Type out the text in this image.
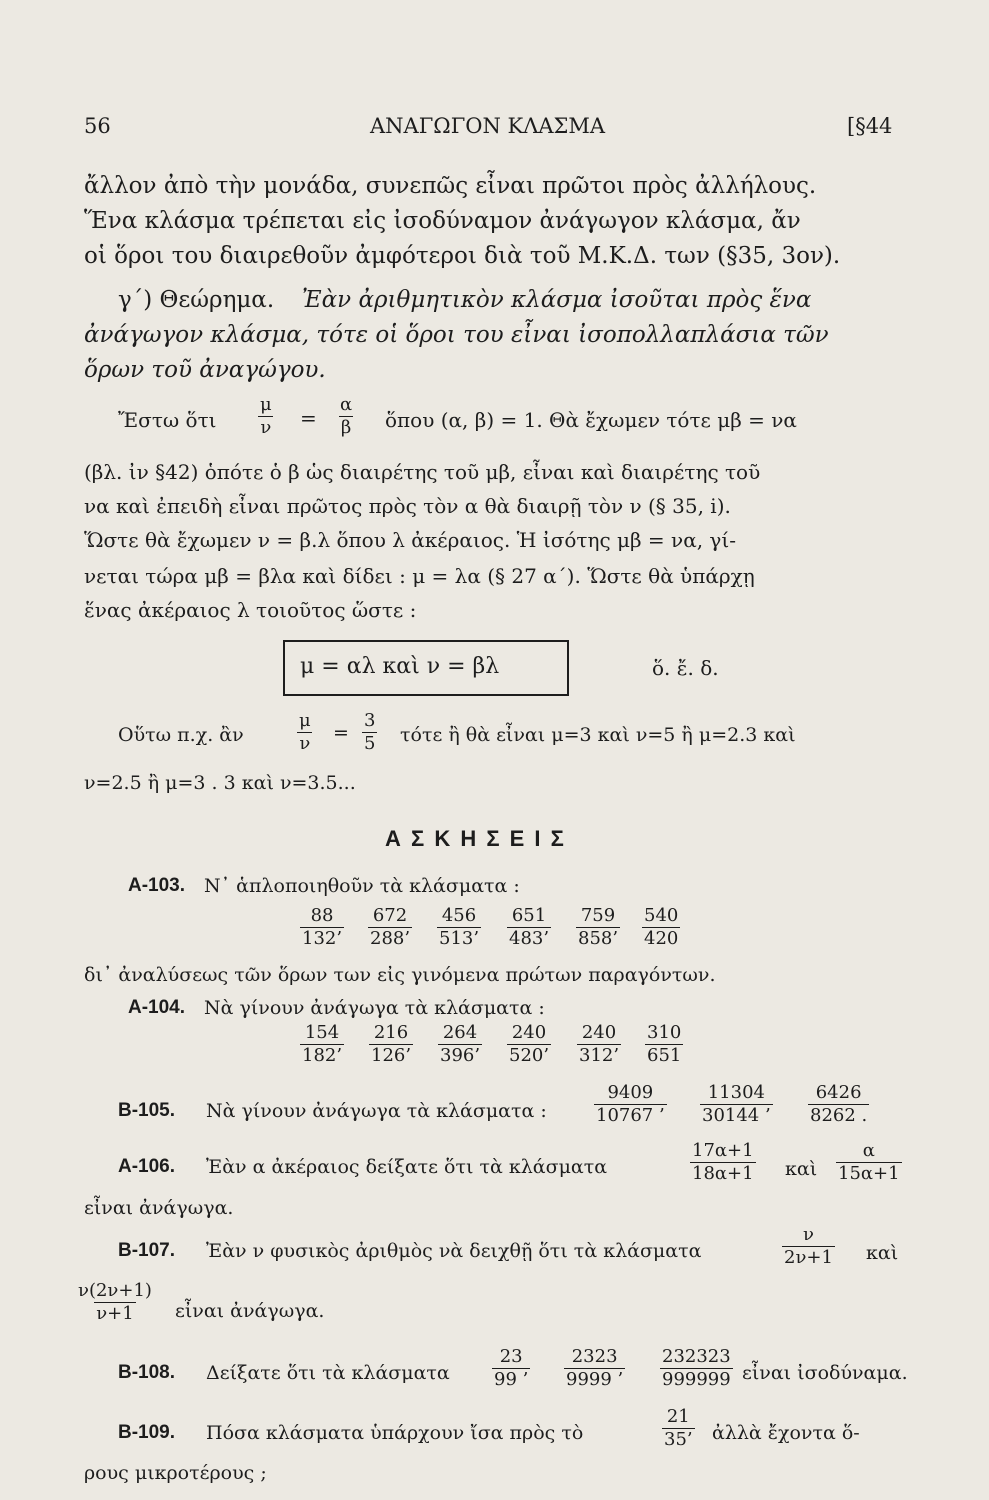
56	ΑΝΑΓΩΓΟΝ ΚΛΑΣΜΑ	[§44
ἄλλον ἀπὸ τὴν μονάδα, συνεπῶς εἶναι πρῶτοι πρὸς ἀλλήλους.
Ἕνα κλάσμα τρέπεται εἰς ἰσοδύναμον ἀνάγωγον κλάσμα, ἄν
οἱ ὅροι του διαιρεθοῦν ἀμφότεροι διὰ τοῦ Μ.Κ.Δ. των (§35, 3ον).
γ΄) Θεώρημα. Ἐὰν ἀριθμητικὸν κλάσμα ἰσοῦται πρὸς ἕνα
ἀνάγωγον κλάσμα, τότε οἱ ὅροι του εἶναι ἰσοπολλαπλάσια τῶν
ὅρων τοῦ ἀναγώγου.
Ἔστω ὅτι $\frac{\mu}{\nu} = \frac{\alpha}{\beta}$ ὅπου (α, β) = 1. Θὰ ἔχωμεν τότε μβ = να
(βλ. ἰν §42) ὁπότε ὁ β ὡς διαιρέτης τοῦ μβ, εἶναι καὶ διαιρέτης τοῦ
να καὶ ἐπειδὴ εἶναι πρῶτος πρὸς τὸν α θὰ διαιρῇ τὸν ν (§ 35, i).
Ὥστε θὰ ἔχωμεν ν = β.λ ὅπου λ ἀκέραιος. Ἡ ἰσότης μβ = να, γί-
νεται τώρα μβ = βλα καὶ δίδει : μ = λα (§ 27 α΄). Ὥστε θὰ ὑπάρχῃ
ἕνας ἀκέραιος λ τοιοῦτος ὥστε :
μ = αλ καὶ ν = βλ	ὅ. ἔ. δ.
Οὕτω π.χ. ἂν	$\frac{\mu}{\nu} = \frac{3}{5}$ τότε ἢ θὰ εἶναι μ=3 καὶ ν=5 ἢ μ=2.3 καὶ
ν=2.5 ἢ μ=3 . 3 καὶ ν=3.5...
Α Σ Κ Η Σ Ε Ι Σ
Α-103. Ν᾽ ἁπλοποιηθοῦν τὰ κλάσματα :
$\frac{88}{132’} \frac{672}{288’} \frac{456}{513’} \frac{651}{483’} \frac{759}{858’} \frac{540}{420}$
δι᾽ ἀναλύσεως τῶν ὅρων των εἰς γινόμενα πρώτων παραγόντων.
Α-104. Νὰ γίνουν ἀνάγωγα τὰ κλάσματα :
$\frac{154}{182’} \frac{216}{126’} \frac{264}{396’} \frac{240}{520’} \frac{240}{312’} \frac{310}{651}$
Β-105. Νὰ γίνουν ἀνάγωγα τὰ κλάσματα :	$\frac{9409}{10767 ’} \frac{11304}{30144 ’} \frac{6426}{8262 .}$
Α-106. Ἐὰν α ἀκέραιος δείξατε ὅτι τὰ κλάσματα	$\frac{17\alpha+1}{18\alpha+1}$ καὶ $\frac{\alpha}{15\alpha+1}$
εἶναι ἀνάγωγα.
Β-107. Ἐὰν ν φυσικὸς ἀριθμὸς νὰ δειχθῇ ὅτι τὰ κλάσματα	$\frac{\nu}{2\nu+1}$ καὶ
$\frac{\nu(2\nu+1)}{\nu+1}$ εἶναι ἀνάγωγα.
Β-108. Δείξατε ὅτι τὰ κλάσματα $\frac{23}{99 ’} \frac{2323}{9999 ’} \frac{232323}{999999}$ εἶναι ἰσοδύναμα.
Β-109. Πόσα κλάσματα ὑπάρχουν ἴσα πρὸς τὸ	$\frac{21}{35’}$ ἀλλὰ ἔχοντα ὅ-
ρους μικροτέρους ;
